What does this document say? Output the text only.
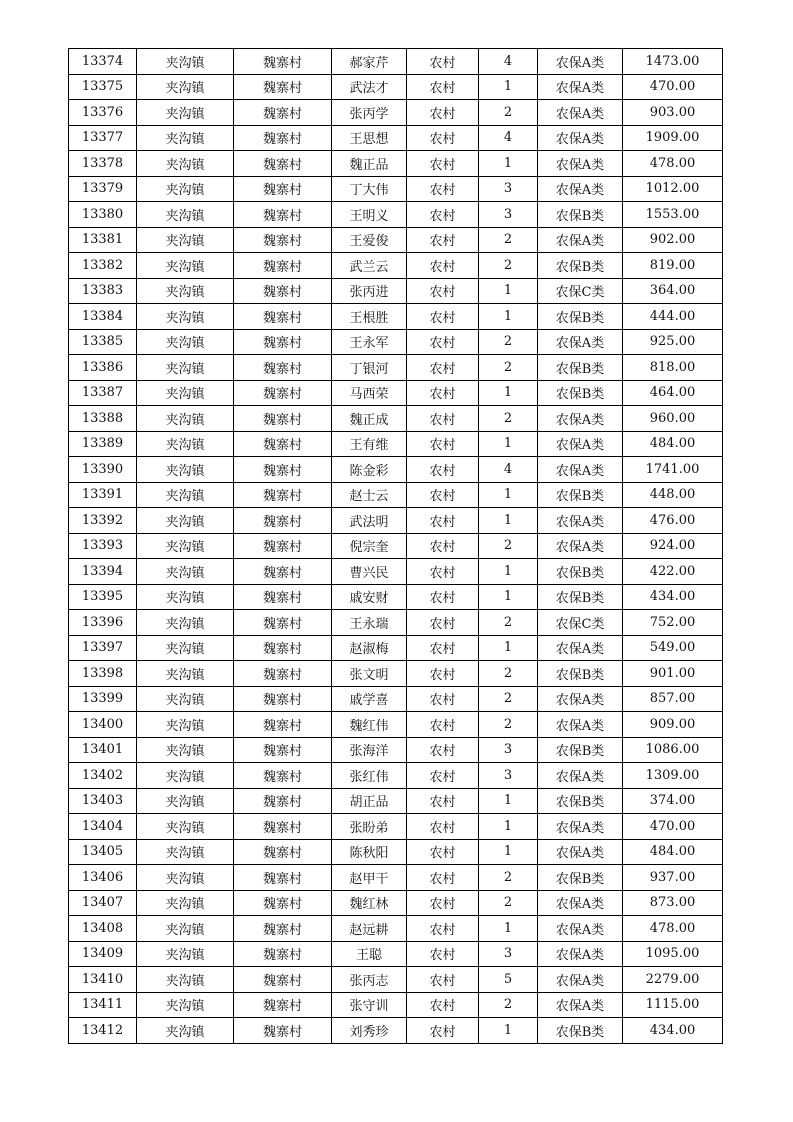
13374	夹沟镇	魏寨村	郝家芹	农村	4	农保A类	1473.00
13375	夹沟镇	魏寨村	武法才	农村	1	农保A类	470.00
13376	夹沟镇	魏寨村	张丙学	农村	2	农保A类	903.00
13377	夹沟镇	魏寨村	王思想	农村	4	农保A类	1909.00
13378	夹沟镇	魏寨村	魏正品	农村	1	农保A类	478.00
13379	夹沟镇	魏寨村	丁大伟	农村	3	农保A类	1012.00
13380	夹沟镇	魏寨村	王明义	农村	3	农保B类	1553.00
13381	夹沟镇	魏寨村	王爱俊	农村	2	农保A类	902.00
13382	夹沟镇	魏寨村	武兰云	农村	2	农保B类	819.00
13383	夹沟镇	魏寨村	张丙进	农村	1	农保C类	364.00
13384	夹沟镇	魏寨村	王根胜	农村	1	农保B类	444.00
13385	夹沟镇	魏寨村	王永军	农村	2	农保A类	925.00
13386	夹沟镇	魏寨村	丁银河	农村	2	农保B类	818.00
13387	夹沟镇	魏寨村	马西荣	农村	1	农保B类	464.00
13388	夹沟镇	魏寨村	魏正成	农村	2	农保A类	960.00
13389	夹沟镇	魏寨村	王有维	农村	1	农保A类	484.00
13390	夹沟镇	魏寨村	陈金彩	农村	4	农保A类	1741.00
13391	夹沟镇	魏寨村	赵士云	农村	1	农保B类	448.00
13392	夹沟镇	魏寨村	武法明	农村	1	农保A类	476.00
13393	夹沟镇	魏寨村	倪宗奎	农村	2	农保A类	924.00
13394	夹沟镇	魏寨村	曹兴民	农村	1	农保B类	422.00
13395	夹沟镇	魏寨村	戚安财	农村	1	农保B类	434.00
13396	夹沟镇	魏寨村	王永瑞	农村	2	农保C类	752.00
13397	夹沟镇	魏寨村	赵淑梅	农村	1	农保A类	549.00
13398	夹沟镇	魏寨村	张文明	农村	2	农保B类	901.00
13399	夹沟镇	魏寨村	戚学喜	农村	2	农保A类	857.00
13400	夹沟镇	魏寨村	魏红伟	农村	2	农保A类	909.00
13401	夹沟镇	魏寨村	张海洋	农村	3	农保B类	1086.00
13402	夹沟镇	魏寨村	张红伟	农村	3	农保A类	1309.00
13403	夹沟镇	魏寨村	胡正品	农村	1	农保B类	374.00
13404	夹沟镇	魏寨村	张盼弟	农村	1	农保A类	470.00
13405	夹沟镇	魏寨村	陈秋阳	农村	1	农保A类	484.00
13406	夹沟镇	魏寨村	赵甲干	农村	2	农保B类	937.00
13407	夹沟镇	魏寨村	魏红林	农村	2	农保A类	873.00
13408	夹沟镇	魏寨村	赵远耕	农村	1	农保A类	478.00
13409	夹沟镇	魏寨村	王聪	农村	3	农保A类	1095.00
13410	夹沟镇	魏寨村	张丙志	农村	5	农保A类	2279.00
13411	夹沟镇	魏寨村	张守训	农村	2	农保A类	1115.00
13412	夹沟镇	魏寨村	刘秀珍	农村	1	农保B类	434.00
